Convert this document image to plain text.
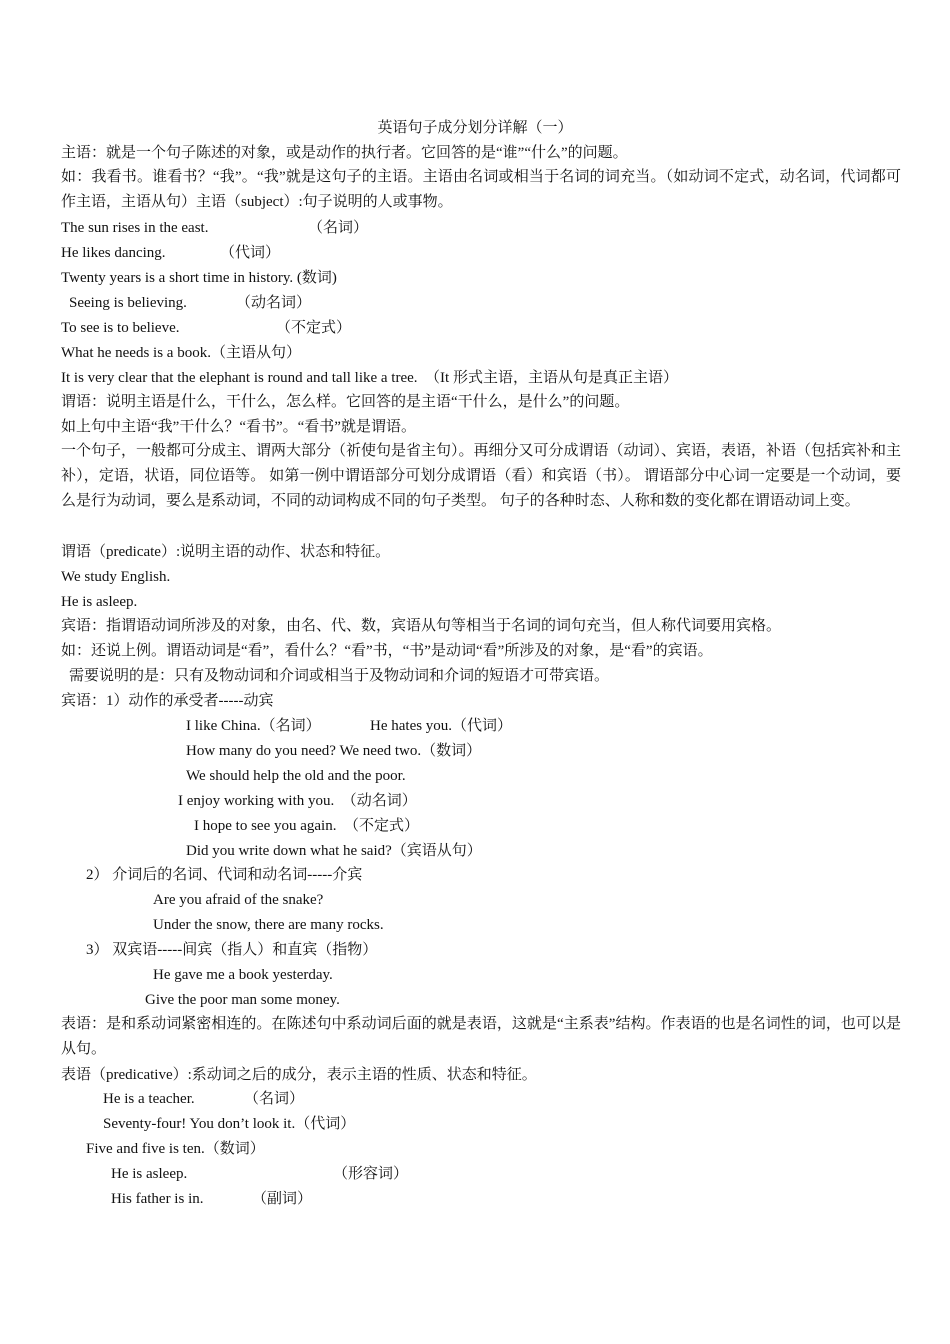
英语句子成分划分详解（一）
主语：就是一个句子陈述的对象，或是动作的执行者。它回答的是“谁”“什么”的问题。
如：我看书。谁看书？“我”。“我”就是这句子的主语。主语由名词或相当于名词的词充当。（如动词不定式，动名词，代词都可作主语，主语从句）主语（subject）:句子说明的人或事物。
The sun rises in the east.	（名词）
He likes dancing.	（代词）
Twenty years is a short time in history. (数词)
Seeing is believing.	（动名词）
To see is to believe.	（不定式）
What he needs is a book.（主语从句）
It is very clear that the elephant is round and tall like a tree.  （It 形式主语，主语从句是真正主语）
谓语：说明主语是什么，干什么，怎么样。它回答的是主语“干什么，是什么”的问题。
如上句中主语“我”干什么？“看书”。“看书”就是谓语。
一个句子，一般都可分成主、谓两大部分（祈使句是省主句）。再细分又可分成谓语（动词）、宾语，表语，补语（包括宾补和主补），定语，状语，同位语等。 如第一例中谓语部分可划分成谓语（看）和宾语（书）。 谓语部分中心词一定要是一个动词，要么是行为动词，要么是系动词，不同的动词构成不同的句子类型。 句子的各种时态、人称和数的变化都在谓语动词上变。
谓语（predicate）:说明主语的动作、状态和特征。
We study English.
He is asleep.
宾语：指谓语动词所涉及的对象，由名、代、数，宾语从句等相当于名词的词句充当，但人称代词要用宾格。
如：还说上例。谓语动词是“看”，看什么？“看”书，“书”是动词“看”所涉及的对象，是“看”的宾语。
需要说明的是：只有及物动词和介词或相当于及物动词和介词的短语才可带宾语。
宾语：1）动作的承受者-----动宾
I like China.（名词）	He hates you.（代词）
How many do you need? We need two.（数词）
We should help the old and the poor.
I enjoy working with you.  （动名词）
I hope to see you again.  （不定式）
Did you write down what he said?（宾语从句）
2） 介词后的名词、代词和动名词-----介宾
Are you afraid of the snake?
Under the snow, there are many rocks.
3） 双宾语-----间宾（指人）和直宾（指物）
He gave me a book yesterday.
Give the poor man some money.
表语：是和系动词紧密相连的。在陈述句中系动词后面的就是表语，这就是“主系表”结构。作表语的也是名词性的词，也可以是从句。
表语（predicative）:系动词之后的成分，表示主语的性质、状态和特征。
He is a teacher.	（名词）
Seventy-four! You don’t look it.（代词）
Five and five is ten.（数词）
He is asleep.	（形容词）
His father is in.	（副词）
